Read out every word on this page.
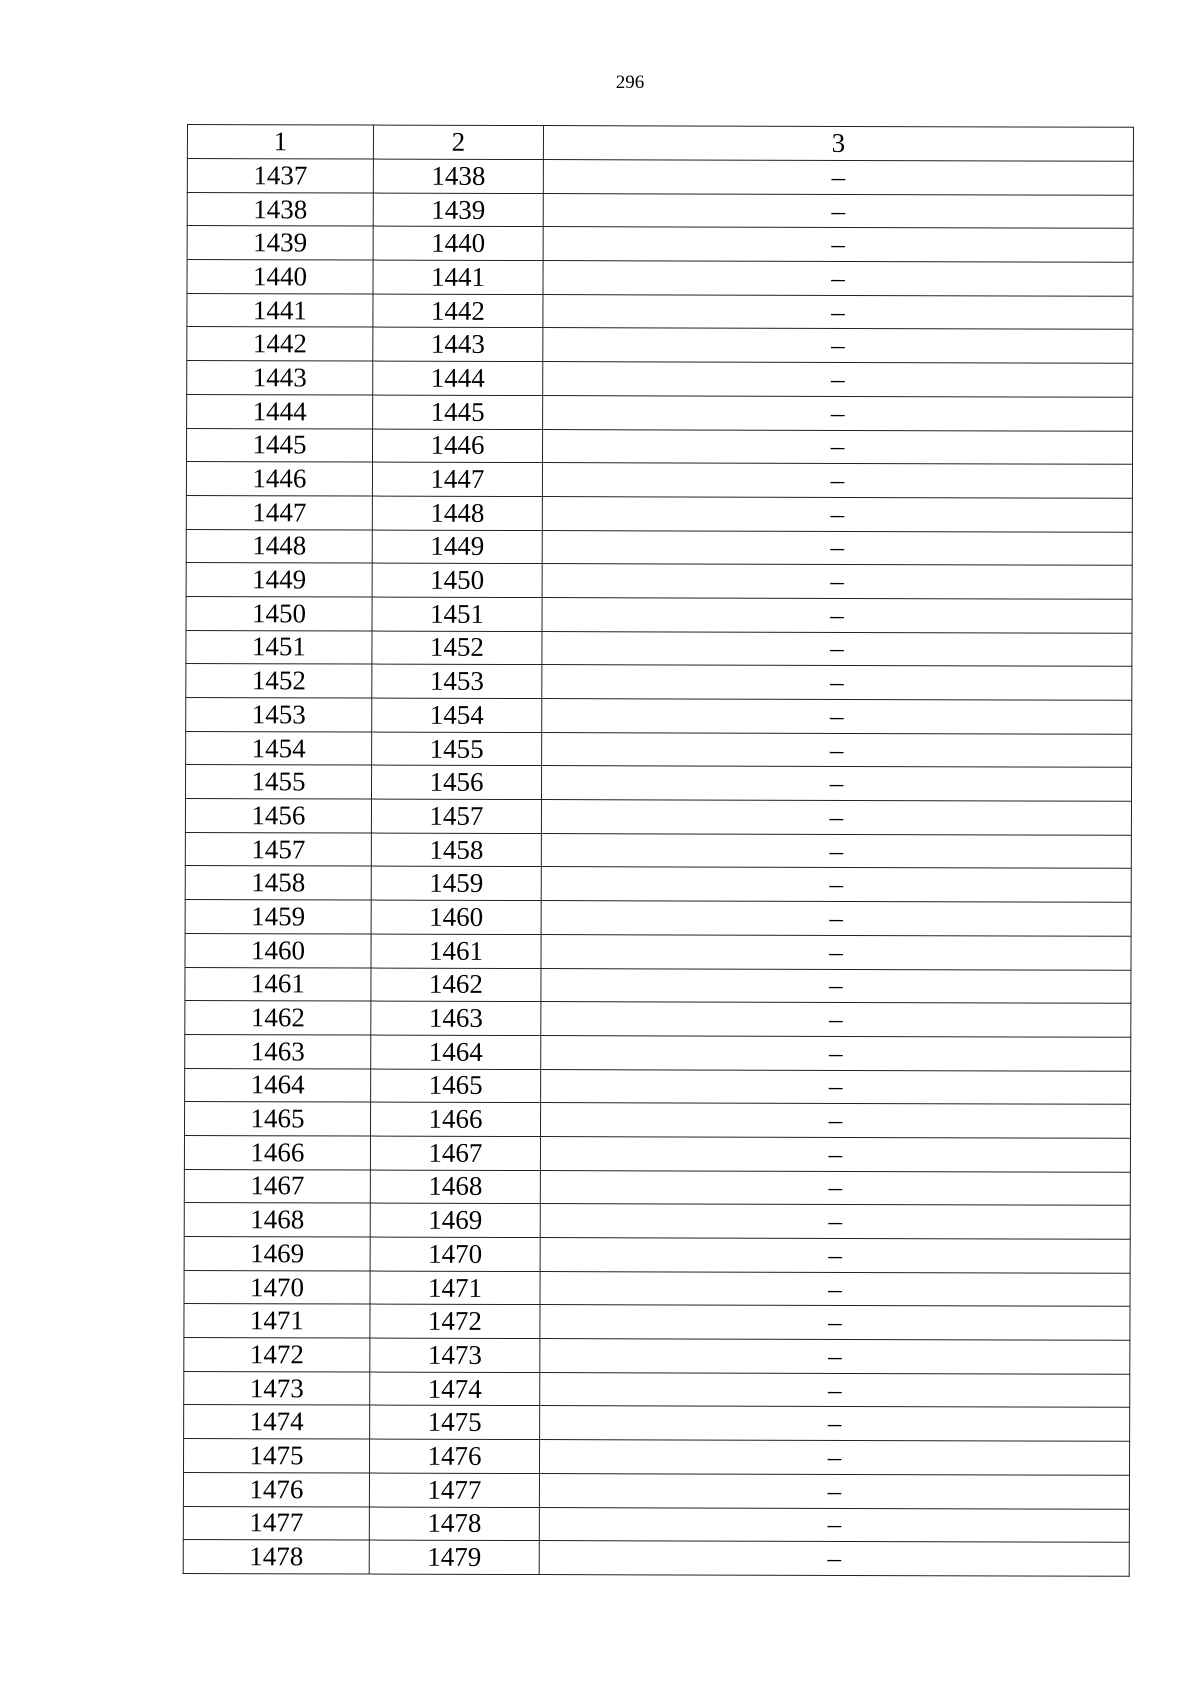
296
1	2	3
1437	1438	–
1438	1439	–
1439	1440	–
1440	1441	–
1441	1442	–
1442	1443	–
1443	1444	–
1444	1445	–
1445	1446	–
1446	1447	–
1447	1448	–
1448	1449	–
1449	1450	–
1450	1451	–
1451	1452	–
1452	1453	–
1453	1454	–
1454	1455	–
1455	1456	–
1456	1457	–
1457	1458	–
1458	1459	–
1459	1460	–
1460	1461	–
1461	1462	–
1462	1463	–
1463	1464	–
1464	1465	–
1465	1466	–
1466	1467	–
1467	1468	–
1468	1469	–
1469	1470	–
1470	1471	–
1471	1472	–
1472	1473	–
1473	1474	–
1474	1475	–
1475	1476	–
1476	1477	–
1477	1478	–
1478	1479	–
